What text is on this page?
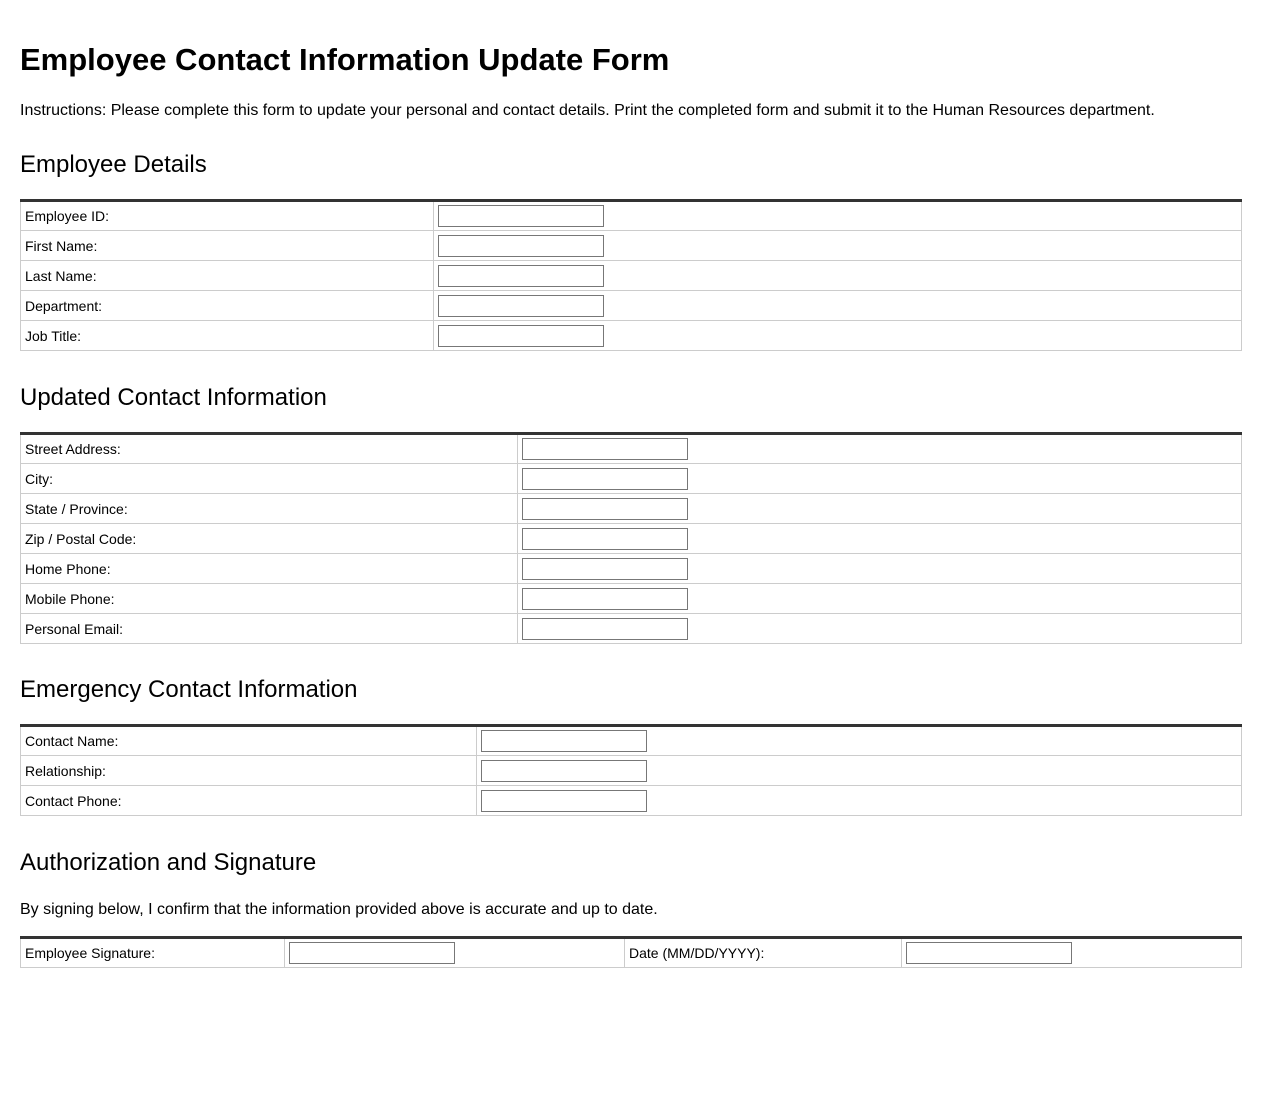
Employee Contact Information Update Form

Instructions: Please complete this form to update your personal and contact details. Print the completed form and submit it to the Human Resources department.

Employee Details
Employee ID:	

First Name:	

Last Name:	

Department:	

Job Title:	
Updated Contact Information
Street Address:	

City:	

State / Province:	

Zip / Postal Code:	

Home Phone:	

Mobile Phone:	

Personal Email:	
Emergency Contact Information
Contact Name:	

Relationship:	

Contact Phone:	
Authorization and Signature

By signing below, I confirm that the information provided above is accurate and up to date.

Employee Signature:		Date (MM/DD/YYYY):	
